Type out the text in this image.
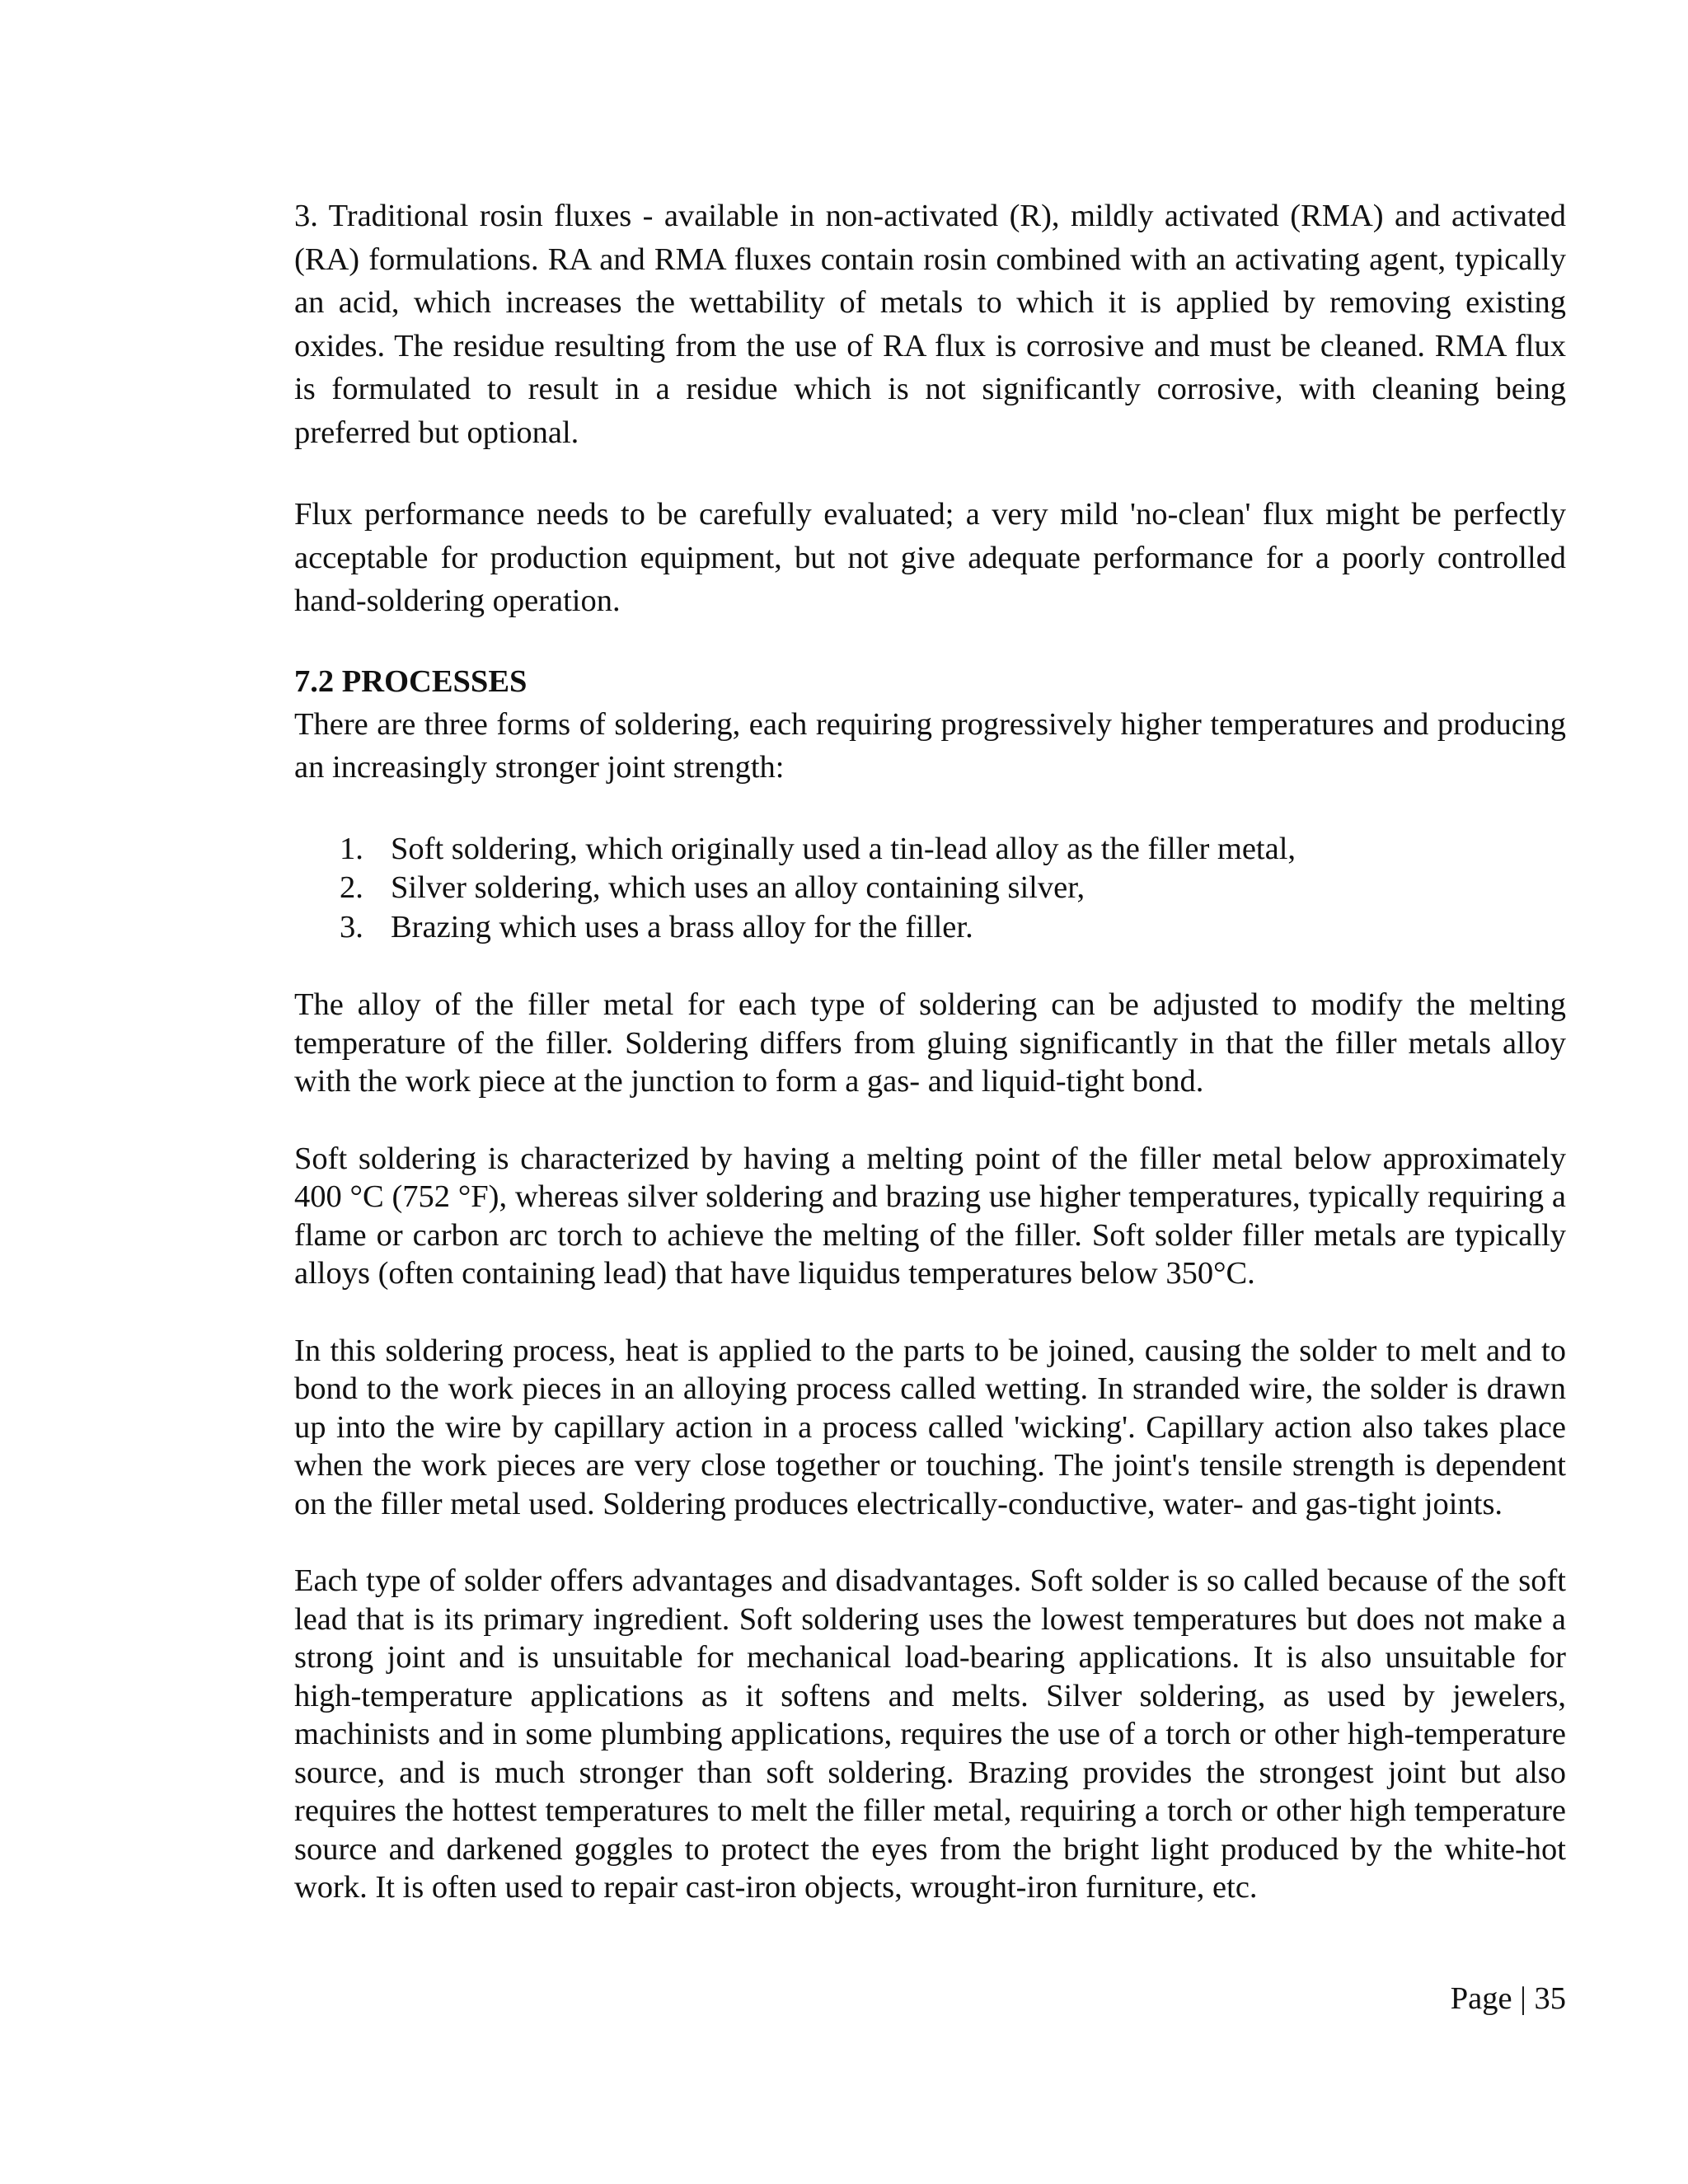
3. Traditional rosin fluxes - available in non-activated (R), mildly activated (RMA) and activated (RA) formulations. RA and RMA fluxes contain rosin combined with an activating agent, typically an acid, which increases the wettability of metals to which it is applied by removing existing oxides. The residue resulting from the use of RA flux is corrosive and must be cleaned. RMA flux is formulated to result in a residue which is not significantly corrosive, with cleaning being preferred but optional.

Flux performance needs to be carefully evaluated; a very mild 'no-clean' flux might be perfectly acceptable for production equipment, but not give adequate performance for a poorly controlled hand-soldering operation.

7.2 PROCESSES

There are three forms of soldering, each requiring progressively higher temperatures and producing an increasingly stronger joint strength:

1. Soft soldering, which originally used a tin-lead alloy as the filler metal,
2. Silver soldering, which uses an alloy containing silver,
3. Brazing which uses a brass alloy for the filler.

The alloy of the filler metal for each type of soldering can be adjusted to modify the melting temperature of the filler. Soldering differs from gluing significantly in that the filler metals alloy with the work piece at the junction to form a gas- and liquid-tight bond.

Soft soldering is characterized by having a melting point of the filler metal below approximately 400 °C (752 °F), whereas silver soldering and brazing use higher temperatures, typically requiring a flame or carbon arc torch to achieve the melting of the filler. Soft solder filler metals are typically alloys (often containing lead) that have liquidus temperatures below 350°C.

In this soldering process, heat is applied to the parts to be joined, causing the solder to melt and to bond to the work pieces in an alloying process called wetting. In stranded wire, the solder is drawn up into the wire by capillary action in a process called 'wicking'. Capillary action also takes place when the work pieces are very close together or touching. The joint's tensile strength is dependent on the filler metal used. Soldering produces electrically-conductive, water- and gas-tight joints.

Each type of solder offers advantages and disadvantages. Soft solder is so called because of the soft lead that is its primary ingredient. Soft soldering uses the lowest temperatures but does not make a strong joint and is unsuitable for mechanical load-bearing applications. It is also unsuitable for high-temperature applications as it softens and melts. Silver soldering, as used by jewelers, machinists and in some plumbing applications, requires the use of a torch or other high-temperature source, and is much stronger than soft soldering. Brazing provides the strongest joint but also requires the hottest temperatures to melt the filler metal, requiring a torch or other high temperature source and darkened goggles to protect the eyes from the bright light produced by the white-hot work. It is often used to repair cast-iron objects, wrought-iron furniture, etc.

Page | 35
